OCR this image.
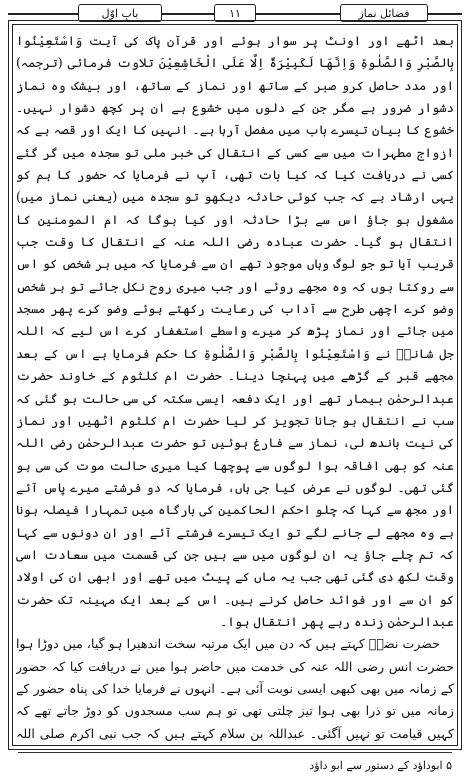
بابِ اوّل	۱۱	فضائل نماز

بعد اٹھے اور اونٹ پر سوار ہوئے اور قرآن پاک کی آیت وَاسْتَعِيْنُوا بِالصَّبْرِ وَالصَّلٰوةِ وَاِنَّهَا لَكَبِيْرَةٌ اِلَّا عَلَى الْخَاشِعِيْنَ تلاوت فرمائی (ترجمہ) اور مدد حاصل کرو صبر کے ساتھ اور نماز کے ساتھ، اور بیشک وہ نماز دشوار ضرور ہے مگر جن کے دلوں میں خشوع ہے ان پر کچھ دشوار نہیں۔ خشوع کا بیان تیسرے باب میں مفصل آرہا ہے۔ انہیں کا ایک اور قصہ ہے کہ ازواج مطہرات میں سے کسی کے انتقال کی خبر ملی تو سجدہ میں گر گئے کسی نے دریافت کیا کہ کیا بات تھی، آپ نے فرمایا کہ حضور کا ہم کو یہی ارشاد ہے کہ جب کوئی حادثہ دیکھو تو سجدہ میں (یعنی نماز میں) مشغول ہو جاؤ اس سے بڑا حادثہ اور کیا ہوگا کہ ام المومنین کا انتقال ہو گیا۔ حضرت عبادہ رضی اللہ عنہ کے انتقال کا وقت جب قریب آیا تو جو لوگ وہاں موجود تھے ان سے فرمایا کہ میں ہر شخص کو اس سے روکتا ہوں کہ وہ مجھے روئے اور جب میری روح نکل جائے تو ہر شخص وضو کرے اچھی طرح سے آداب کی رعایت رکھتے ہوئے وضو کرے پھر مسجد میں جائے اور نماز پڑھ کر میرے واسطے استغفار کرے اس لیے کہ اللہ جل شانہٗ نے وَاسْتَعِيْنُوا بِالصَّبْرِ وَالصَّلٰوةِ کا حکم فرمایا ہے اس کے بعد مجھے قبر کے گڑھے میں پہنچا دینا۔ حضرت ام کلثوم کے خاوند حضرت عبدالرحمٰن بیمار تھے اور ایک دفعہ ایسی سکتہ کی سی حالت ہو گئی کہ سب نے انتقال ہو جانا تجویز کر لیا حضرت ام کلثوم اٹھیں اور نماز کی نیت باندھ لی، نماز سے فارغ ہوئیں تو حضرت عبدالرحمٰن رضی اللہ عنہ کو بھی افاقہ ہوا لوگوں سے پوچھا کیا میری حالت موت کی سی ہو گئی تھی۔ لوگوں نے عرض کیا جی ہاں، فرمایا کہ دو فرشتے میرے پاس آئے اور مجھ سے کہا کہ چلو احکم الحاکمین کی بارگاہ میں تمہارا فیصلہ ہونا ہے وہ مجھے لے جانے لگے تو ایک تیسرے فرشتے آئے اور ان دونوں سے کہا کہ تم چلے جاؤ یہ ان لوگوں میں سے ہیں جن کی قسمت میں سعادت اسی وقت لکھ دی گئی تھی جب یہ ماں کے پیٹ میں تھے اور ابھی ان کی اولاد کو ان سے اور فوائد حاصل کرنے ہیں۔ اس کے بعد ایک مہینہ تک حضرت عبدالرحمٰن زندہ رہے پھر انتقال ہوا۔

حضرت نضرؓ کہتے ہیں کہ دن میں ایک مرتبہ سخت اندھیرا ہو گیا، میں دوڑا ہوا حضرت انس رضی اللہ عنہ کی خدمت میں حاضر ہوا میں نے دریافت کیا کہ حضور کے زمانہ میں بھی کبھی ایسی نوبت آئی ہے۔ انہوں نے فرمایا خدا کی پناہ حضور کے زمانہ میں تو ذرا بھی ہوا تیز چلتی تھی تو ہم سب مسجدوں کو دوڑ جاتے تھے کہ کہیں قیامت تو نہیں آگئی۔ عبداللہ بن سلام کہتے ہیں کہ جب نبی اکرم صلی اللہ

۵ ابوداؤد کے دستور سے ابو داؤد
